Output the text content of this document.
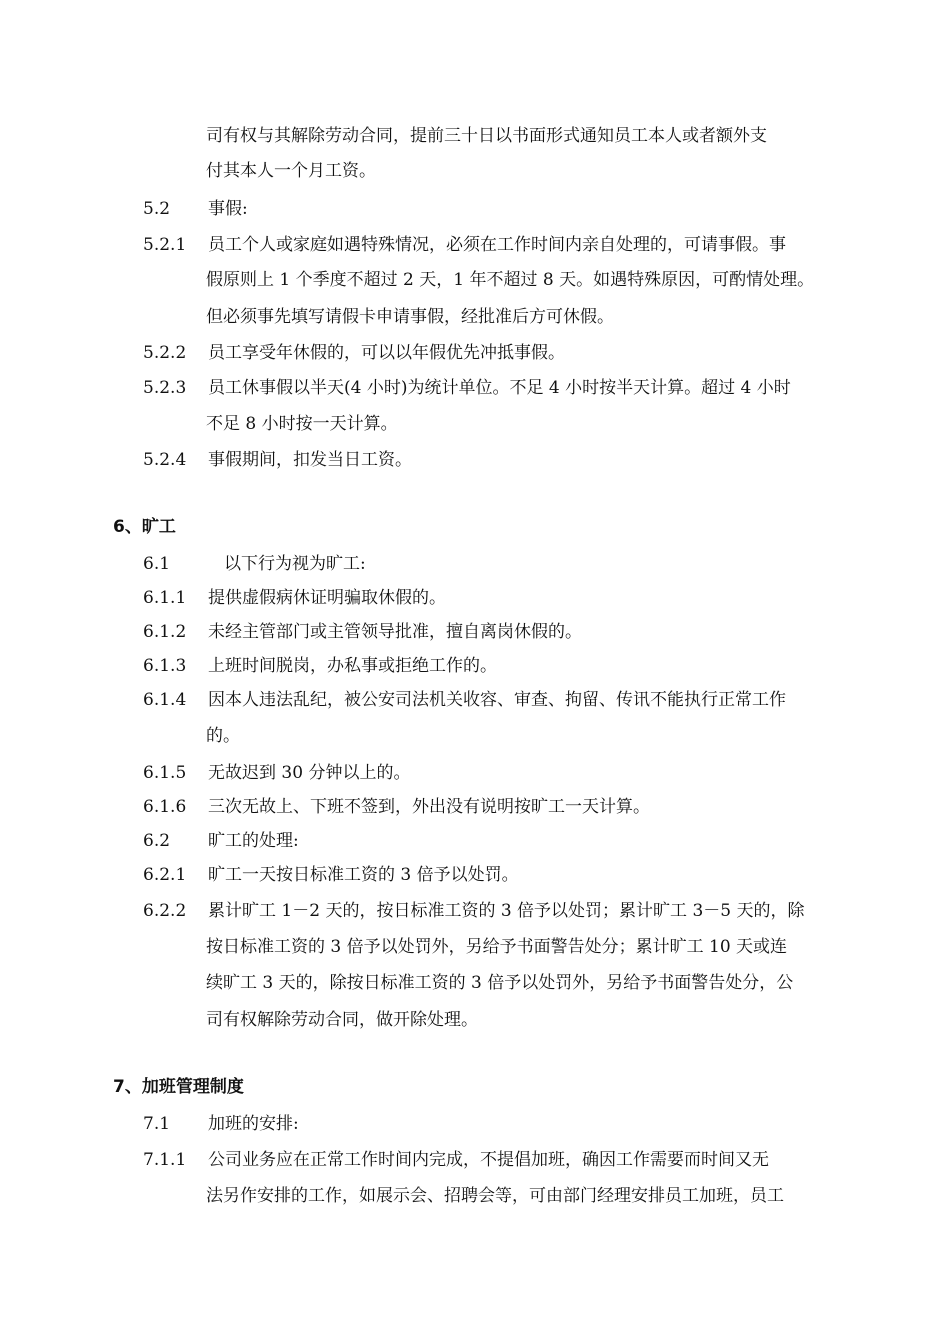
司有权与其解除劳动合同，提前三十日以书面形式通知员工本人或者额外支
付其本人一个月工资。
5.2 事假:
5.2.1 员工个人或家庭如遇特殊情况，必须在工作时间内亲自处理的，可请事假。事
假原则上 1 个季度不超过 2 天，1 年不超过 8 天。如遇特殊原因，可酌情处理。
但必须事先填写请假卡申请事假，经批准后方可休假。
5.2.2 员工享受年休假的，可以以年假优先冲抵事假。
5.2.3 员工休事假以半天(4 小时)为统计单位。不足 4 小时按半天计算。超过 4 小时
不足 8 小时按一天计算。
5.2.4 事假期间，扣发当日工资。
6、旷工
6.1	以下行为视为旷工:
6.1.1 提供虚假病休证明骗取休假的。
6.1.2 未经主管部门或主管领导批准，擅自离岗休假的。
6.1.3 上班时间脱岗，办私事或拒绝工作的。
6.1.4 因本人违法乱纪，被公安司法机关收容、审查、拘留、传讯不能执行正常工作
的。
6.1.5 无故迟到 30 分钟以上的。
6.1.6 三次无故上、下班不签到，外出没有说明按旷工一天计算。
6.2 旷工的处理:
6.2.1 旷工一天按日标准工资的 3 倍予以处罚。
6.2.2 累计旷工 1－2 天的，按日标准工资的 3 倍予以处罚；累计旷工 3－5 天的，除
按日标准工资的 3 倍予以处罚外，另给予书面警告处分；累计旷工 10 天或连
续旷工 3 天的，除按日标准工资的 3 倍予以处罚外，另给予书面警告处分，公
司有权解除劳动合同，做开除处理。
7、加班管理制度
7.1 加班的安排:
7.1.1 公司业务应在正常工作时间内完成，不提倡加班，确因工作需要而时间又无
法另作安排的工作，如展示会、招聘会等，可由部门经理安排员工加班，员工
